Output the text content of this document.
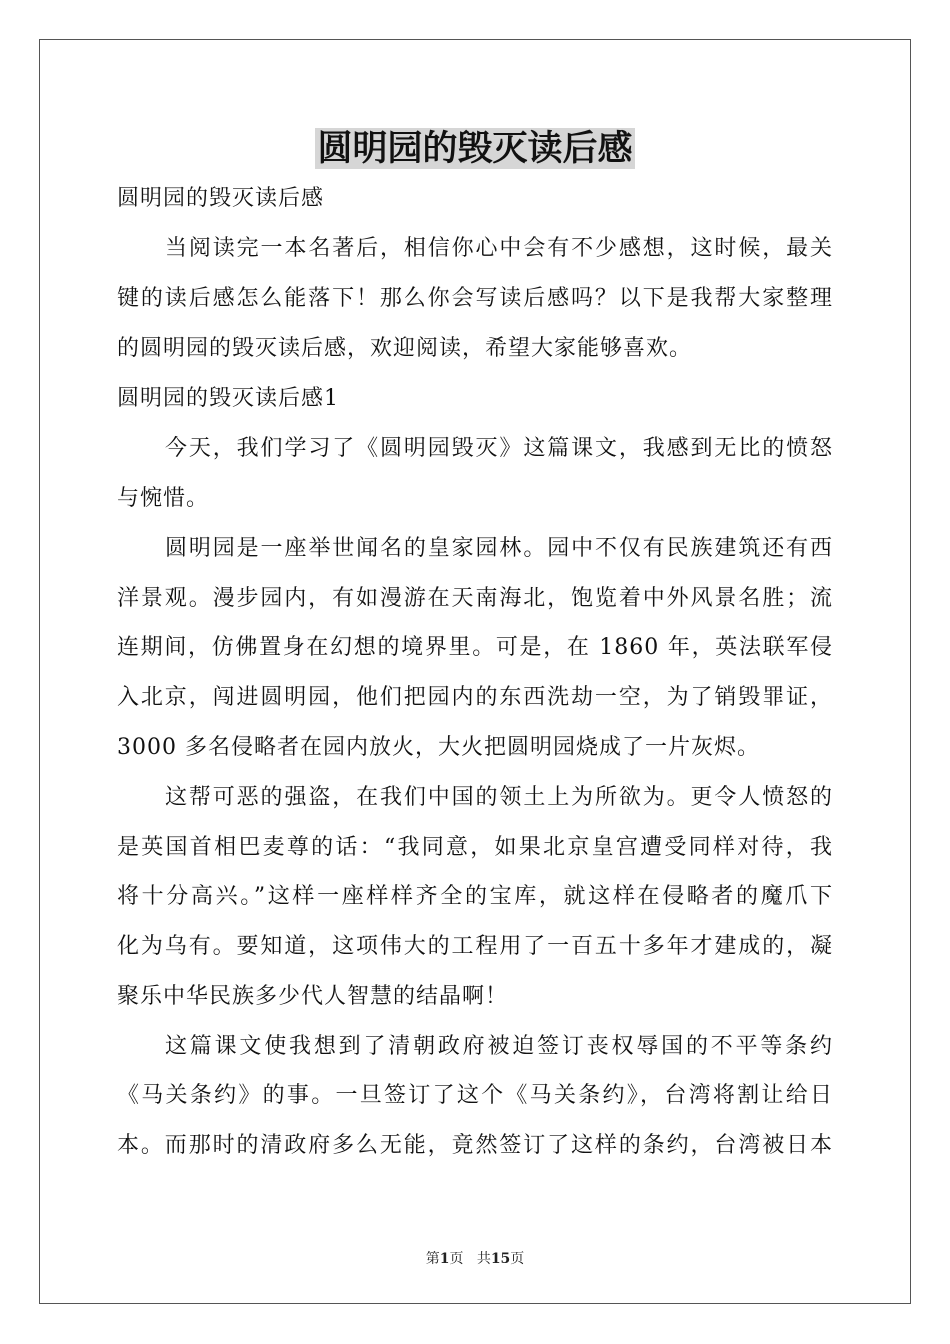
圆明园的毁灭读后感
圆明园的毁灭读后感
当阅读完一本名著后，相信你心中会有不少感想，这时候，最关
键的读后感怎么能落下！那么你会写读后感吗？以下是我帮大家整理
的圆明园的毁灭读后感，欢迎阅读，希望大家能够喜欢。
圆明园的毁灭读后感1
今天，我们学习了《圆明园毁灭》这篇课文，我感到无比的愤怒
与惋惜。
圆明园是一座举世闻名的皇家园林。园中不仅有民族建筑还有西
洋景观。漫步园内，有如漫游在天南海北，饱览着中外风景名胜；流
连期间，仿佛置身在幻想的境界里。可是，在 1860 年，英法联军侵
入北京，闯进圆明园，他们把园内的东西洗劫一空，为了销毁罪证，
3000 多名侵略者在园内放火，大火把圆明园烧成了一片灰烬。
这帮可恶的强盗，在我们中国的领土上为所欲为。更令人愤怒的
是英国首相巴麦尊的话：“我同意，如果北京皇宫遭受同样对待，我
将十分高兴。”这样一座样样齐全的宝库，就这样在侵略者的魔爪下
化为乌有。要知道，这项伟大的工程用了一百五十多年才建成的，凝
聚乐中华民族多少代人智慧的结晶啊！
这篇课文使我想到了清朝政府被迫签订丧权辱国的不平等条约
《马关条约》的事。一旦签订了这个《马关条约》，台湾将割让给日
本。而那时的清政府多么无能，竟然签订了这样的条约，台湾被日本
第1页 共15页
